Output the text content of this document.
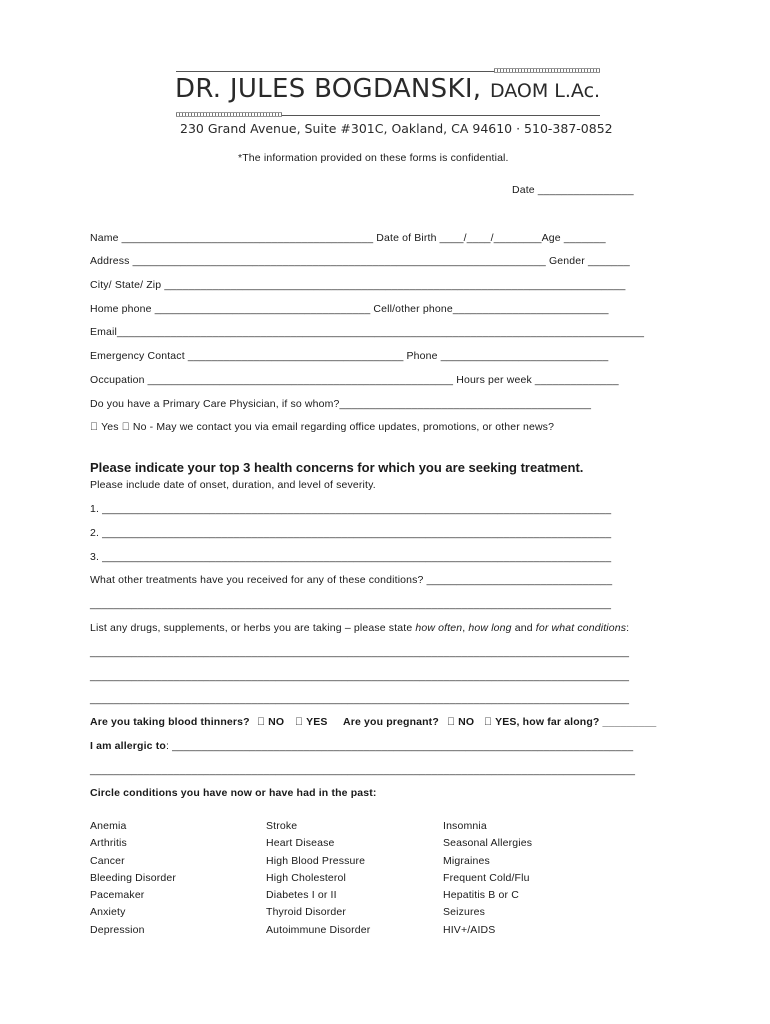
DR. JULES BOGDANSKI, DAOM L.Ac.
230 Grand Avenue, Suite #301C, Oakland, CA 94610 · 510-387-0852
*The information provided on these forms is confidential.
Date ________________
Name __________________________________________ Date of Birth ____/____/________Age _______
Address _____________________________________________________________________ Gender _______
City/ State/ Zip _____________________________________________________________________________
Home phone ____________________________________ Cell/other phone__________________________
Email________________________________________________________________________________________
Emergency Contact ____________________________________ Phone ____________________________
Occupation ___________________________________________________ Hours per week ______________
Do you have a Primary Care Physician, if so whom?__________________________________________
Yes No - May we contact you via email regarding office updates, promotions, or other news?
Please indicate your top 3 health concerns for which you are seeking treatment.
Please include date of onset, duration, and level of severity.
1. _____________________________________________________________________________________
2. _____________________________________________________________________________________
3. _____________________________________________________________________________________
What other treatments have you received for any of these conditions? _______________________________
_______________________________________________________________________________________
List any drugs, supplements, or herbs you are taking – please state how often, how long and for what conditions:
__________________________________________________________________________________________
__________________________________________________________________________________________
__________________________________________________________________________________________
Are you taking blood thinners? NO YES	Are you pregnant? NO YES, how far along? _________
I am allergic to: _____________________________________________________________________________
___________________________________________________________________________________________
Circle conditions you have now or have had in the past:
Anemia
Arthritis
Cancer
Bleeding Disorder
Pacemaker
Anxiety
Depression
Stroke
Heart Disease
High Blood Pressure
High Cholesterol
Diabetes I or II
Thyroid Disorder
Autoimmune Disorder
Insomnia
Seasonal Allergies
Migraines
Frequent Cold/Flu
Hepatitis B or C
Seizures
HIV+/AIDS
